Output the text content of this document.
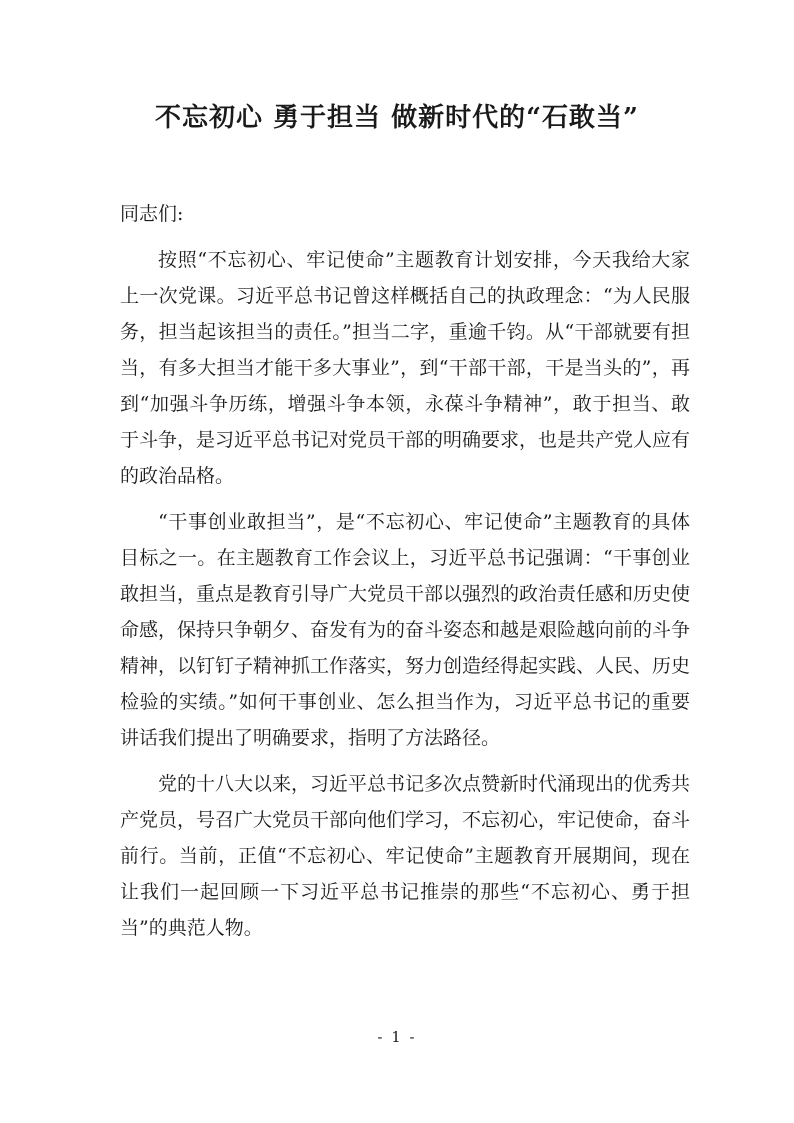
不忘初心 勇于担当 做新时代的“石敢当”

同志们:

按照“不忘初心、牢记使命”主题教育计划安排，今天我给大家上一次党课。习近平总书记曾这样概括自己的执政理念：“为人民服务，担当起该担当的责任。”担当二字，重逾千钧。从“干部就要有担当，有多大担当才能干多大事业”，到“干部干部，干是当头的”，再到“加强斗争历练，增强斗争本领，永葆斗争精神”，敢于担当、敢于斗争，是习近平总书记对党员干部的明确要求，也是共产党人应有的政治品格。

“干事创业敢担当”，是“不忘初心、牢记使命”主题教育的具体目标之一。在主题教育工作会议上，习近平总书记强调：“干事创业敢担当，重点是教育引导广大党员干部以强烈的政治责任感和历史使命感，保持只争朝夕、奋发有为的奋斗姿态和越是艰险越向前的斗争精神，以钉钉子精神抓工作落实，努力创造经得起实践、人民、历史检验的实绩。”如何干事创业、怎么担当作为，习近平总书记的重要讲话我们提出了明确要求，指明了方法路径。

党的十八大以来，习近平总书记多次点赞新时代涌现出的优秀共产党员，号召广大党员干部向他们学习，不忘初心，牢记使命，奋斗前行。当前，正值“不忘初心、牢记使命”主题教育开展期间，现在让我们一起回顾一下习近平总书记推崇的那些“不忘初心、勇于担当”的典范人物。

- 1 -
